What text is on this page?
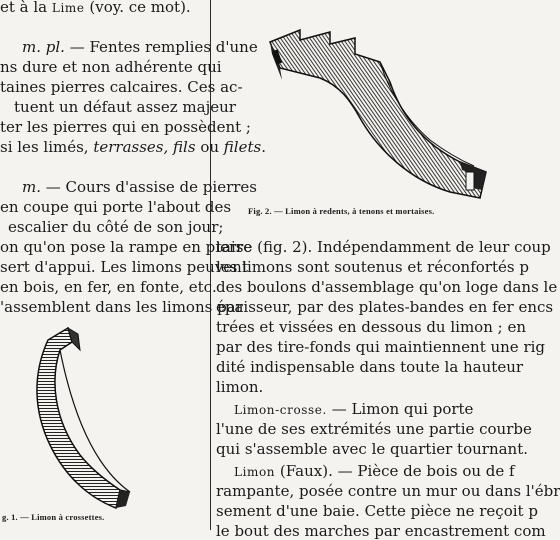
et à la Lime (voy. ce mot).
m. pl. — Fentes remplies d'une
ns dure et non adhérente qui
taines pierres calcaires. Ces ac-
tuent un défaut assez majeur
ter les pierres qui en possèdent ;
si les limés, terrasses, fils ou filets.
m. — Cours d'assise de pierres
en coupe qui porte l'about des
escalier du côté de son jour;
on qu'on pose la rampe en pierre
sert d'appui. Les limons peuvent
en bois, en fer, en fonte, etc.
'assemblent dans les limons par
g. 1. — Limon à crossettes.
Fig. 2. — Limon à redents, à tenons et mortaises.
taise (fig. 2). Indépendamment de leur coup
les limons sont soutenus et réconfortés p
des boulons d'assemblage qu'on loge dans le
épaisseur, par des plates-bandes en fer encs
trées et vissées en dessous du limon ; en
par des tire-fonds qui maintiennent une rig
dité indispensable dans toute la hauteur
limon.
Limon-crosse. — Limon qui porte
l'une de ses extrémités une partie courbe
qui s'assemble avec le quartier tournant.
Limon (Faux). — Pièce de bois ou de f
rampante, posée contre un mur ou dans l'ébr
sement d'une baie. Cette pièce ne reçoit p
le bout des marches par encastrement com
